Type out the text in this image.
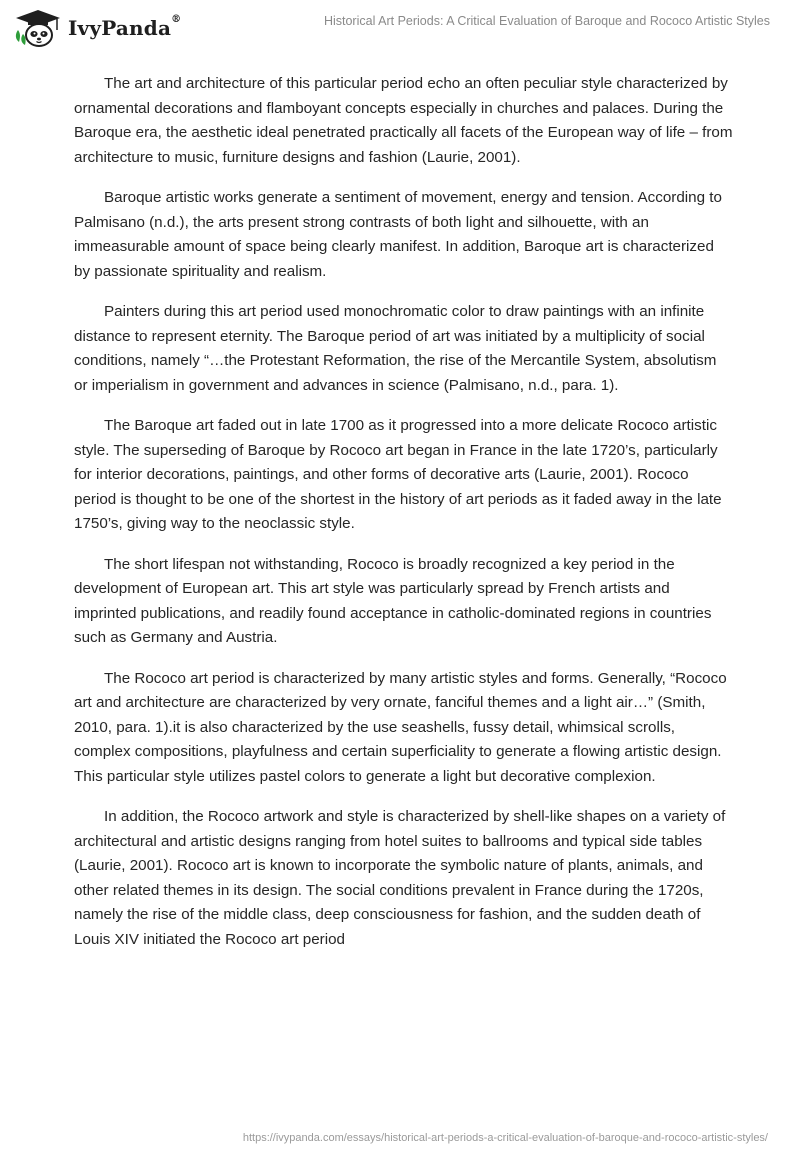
IvyPanda®	Historical Art Periods: A Critical Evaluation of Baroque and Rococo Artistic Styles

The art and architecture of this particular period echo an often peculiar style characterized by ornamental decorations and flamboyant concepts especially in churches and palaces. During the Baroque era, the aesthetic ideal penetrated practically all facets of the European way of life – from architecture to music, furniture designs and fashion (Laurie, 2001).

Baroque artistic works generate a sentiment of movement, energy and tension. According to Palmisano (n.d.), the arts present strong contrasts of both light and silhouette, with an immeasurable amount of space being clearly manifest. In addition, Baroque art is characterized by passionate spirituality and realism.

Painters during this art period used monochromatic color to draw paintings with an infinite distance to represent eternity. The Baroque period of art was initiated by a multiplicity of social conditions, namely “…the Protestant Reformation, the rise of the Mercantile System, absolutism or imperialism in government and advances in science (Palmisano, n.d., para. 1).

The Baroque art faded out in late 1700 as it progressed into a more delicate Rococo artistic style. The superseding of Baroque by Rococo art began in France in the late 1720’s, particularly for interior decorations, paintings, and other forms of decorative arts (Laurie, 2001). Rococo period is thought to be one of the shortest in the history of art periods as it faded away in the late 1750’s, giving way to the neoclassic style.

The short lifespan not withstanding, Rococo is broadly recognized a key period in the development of European art. This art style was particularly spread by French artists and imprinted publications, and readily found acceptance in catholic-dominated regions in countries such as Germany and Austria.

The Rococo art period is characterized by many artistic styles and forms. Generally, “Rococo art and architecture are characterized by very ornate, fanciful themes and a light air…” (Smith, 2010, para. 1).it is also characterized by the use seashells, fussy detail, whimsical scrolls, complex compositions, playfulness and certain superficiality to generate a flowing artistic design. This particular style utilizes pastel colors to generate a light but decorative complexion.

In addition, the Rococo artwork and style is characterized by shell-like shapes on a variety of architectural and artistic designs ranging from hotel suites to ballrooms and typical side tables (Laurie, 2001). Rococo art is known to incorporate the symbolic nature of plants, animals, and other related themes in its design. The social conditions prevalent in France during the 1720s, namely the rise of the middle class, deep consciousness for fashion, and the sudden death of Louis XIV initiated the Rococo art period

https://ivypanda.com/essays/historical-art-periods-a-critical-evaluation-of-baroque-and-rococo-artistic-styles/
